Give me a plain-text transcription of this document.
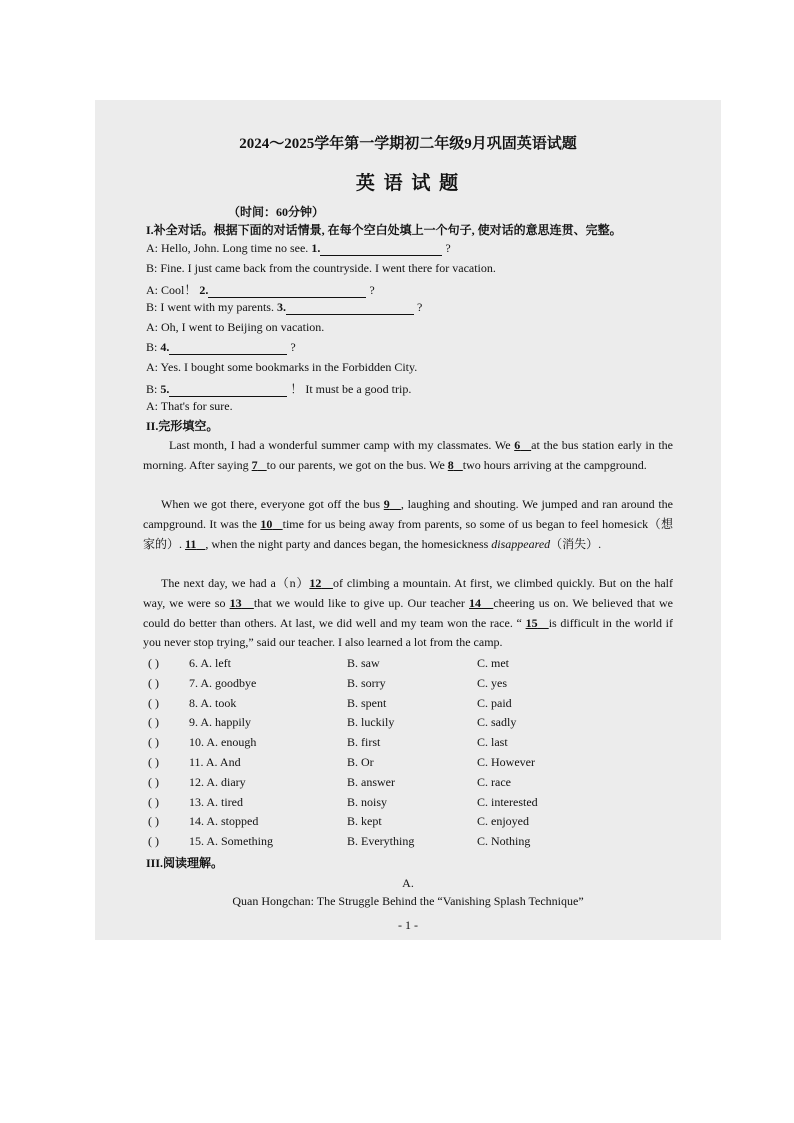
2024～2025学年第一学期初二年级9月巩固英语试题
英 语 试 题
（时间：60分钟）
I.补全对话。根据下面的对话情景, 在每个空白处填上一个句子, 使对话的意思连贯、完整。
A: Hello, John. Long time no see. 1.	?
B: Fine. I just came back from the countryside. I went there for vacation.
A: Cool！ 2.	?
B: I went with my parents. 3.	?
A: Oh, I went to Beijing on vacation.
B: 4.	?
A: Yes. I bought some bookmarks in the Forbidden City.
B: 5.	！ It must be a good trip.
A: That's for sure.
II.完形填空。
Last month, I had a wonderful summer camp with my classmates. We 6 at the bus station early in the morning. After saying 7 to our parents, we got on the bus. We 8 two hours arriving at the campground.
When we got there, everyone got off the bus 9 , laughing and shouting. We jumped and ran around the campground. It was the 10 time for us being away from parents, so some of us began to feel homesick（想家的）. 11 , when the night party and dances began, the homesickness disappeared（消失）.
The next day, we had a（n）12 of climbing a mountain. At first, we climbed quickly. But on the half way, we were so 13 that we would like to give up. Our teacher 14 cheering us on. We believed that we could do better than others. At last, we did well and my team won the race. “ 15 is difficult in the world if you never stop trying,” said our teacher. I also learned a lot from the camp.
( )	6. A. left	B. saw	C. met
( )	7. A. goodbye	B. sorry	C. yes
( )	8. A. took	B. spent	C. paid
( )	9. A. happily	B. luckily	C. sadly
( )	10. A. enough	B. first	C. last
( )	11. A. And	B. Or	C. However
( )	12. A. diary	B. answer	C. race
( )	13. A. tired	B. noisy	C. interested
( )	14. A. stopped	B. kept	C. enjoyed
( )	15. A. Something	B. Everything	C. Nothing
III.阅读理解。
A.
Quan Hongchan: The Struggle Behind the “Vanishing Splash Technique”
- 1 -
